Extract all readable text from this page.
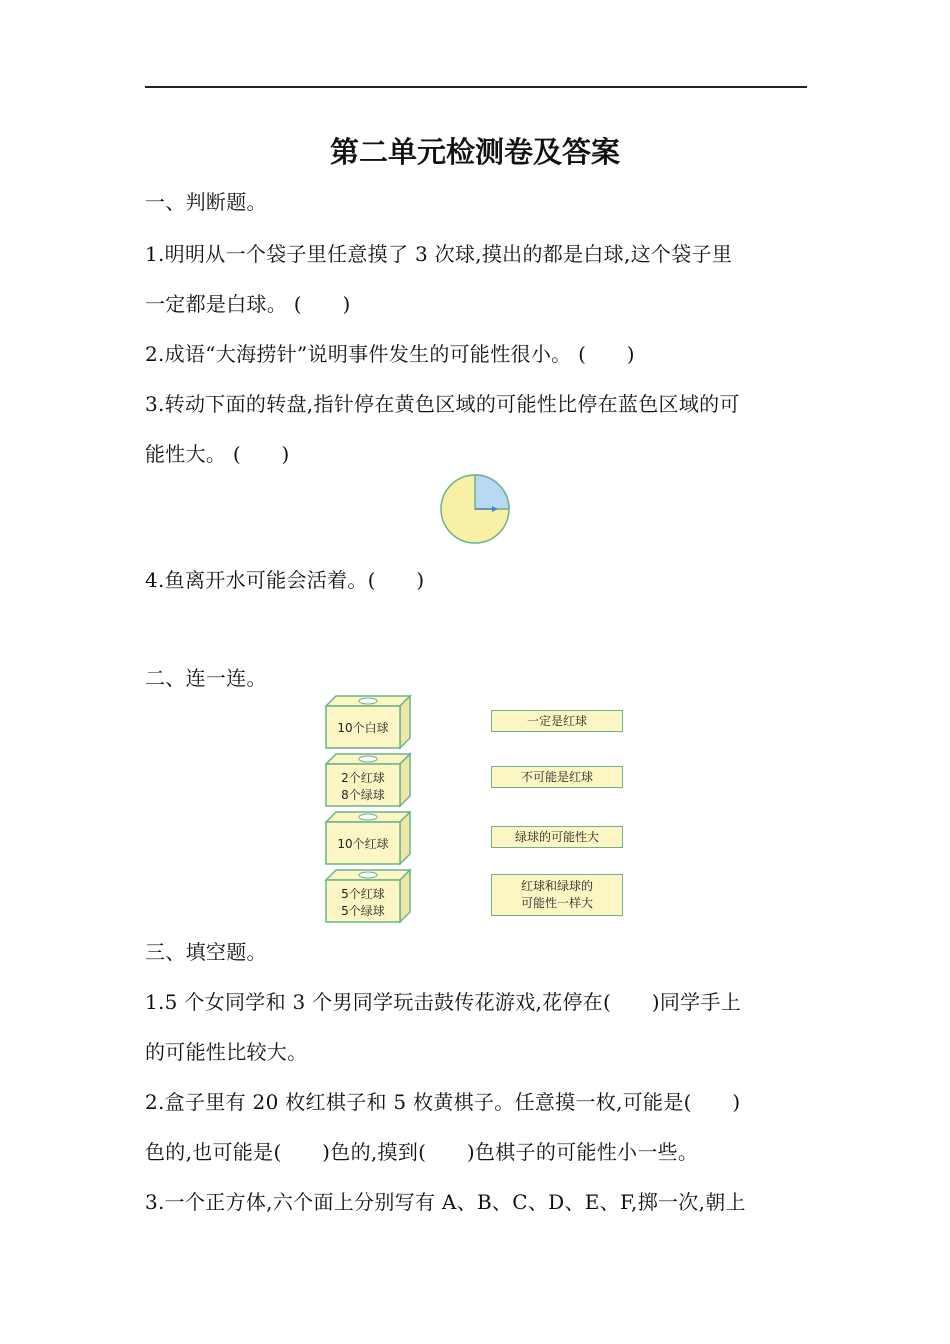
第二单元检测卷及答案
一、判断题。
1.明明从一个袋子里任意摸了 3 次球,摸出的都是白球,这个袋子里
一定都是白球。 (　　)
2.成语“大海捞针”说明事件发生的可能性很小。 (　　)
3.转动下面的转盘,指针停在黄色区域的可能性比停在蓝色区域的可
能性大。 (　　)
4.鱼离开水可能会活着。(　　)
二、连一连。
10个白球
2个红球
8个绿球
10个红球
5个红球
5个绿球
一定是红球
不可能是红球
绿球的可能性大
红球和绿球的
可能性一样大
三、填空题。
1.5 个女同学和 3 个男同学玩击鼓传花游戏,花停在(　　)同学手上
的可能性比较大。
2.盒子里有 20 枚红棋子和 5 枚黄棋子。任意摸一枚,可能是(　　)
色的,也可能是(　　)色的,摸到(　　)色棋子的可能性小一些。
3.一个正方体,六个面上分别写有 A、B、C、D、E、F,掷一次,朝上
